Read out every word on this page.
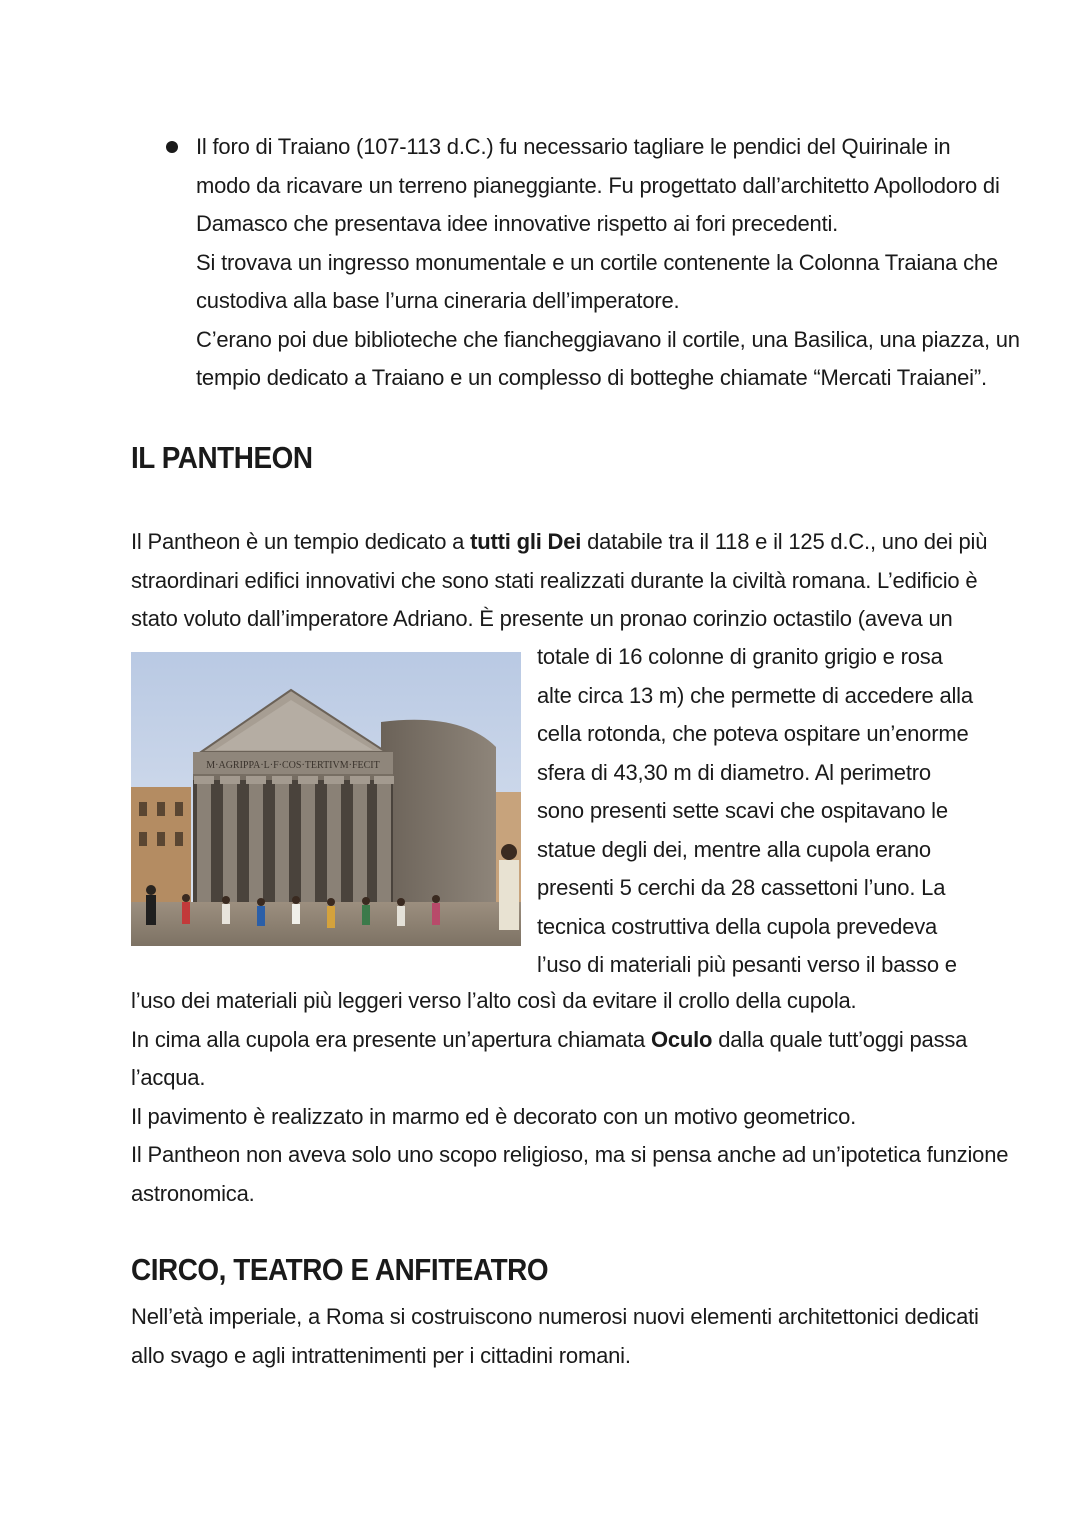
Il foro di Traiano (107-113 d.C.) fu necessario tagliare le pendici del Quirinale in
modo da ricavare un terreno pianeggiante. Fu progettato dall’architetto Apollodoro di
Damasco che presentava idee innovative rispetto ai fori precedenti.
Si trovava un ingresso monumentale e un cortile contenente la Colonna Traiana che
custodiva alla base l’urna cineraria dell’imperatore.
C’erano poi due biblioteche che fiancheggiavano il cortile, una Basilica, una piazza, un
tempio dedicato a Traiano e un complesso di botteghe chiamate “Mercati Traianei”.

IL PANTHEON

Il Pantheon è un tempio dedicato a tutti gli Dei databile tra il 118 e il 125 d.C., uno dei più
straordinari edifici innovativi che sono stati realizzati durante la civiltà romana. L’edificio è
stato voluto dall’imperatore Adriano. È presente un pronao corinzio octastilo (aveva un

M·AGRIPPA·L·F·COS·TERTIVM·FECIT

totale di 16 colonne di granito grigio e rosa
alte circa 13 m) che permette di accedere alla
cella rotonda, che poteva ospitare un’enorme
sfera di 43,30 m di diametro. Al perimetro
sono presenti sette scavi che ospitavano le
statue degli dei, mentre alla cupola erano
presenti 5 cerchi da 28 cassettoni l’uno. La
tecnica costruttiva della cupola prevedeva
l’uso di materiali più pesanti verso il basso e

l’uso dei materiali più leggeri verso l’alto così da evitare il crollo della cupola.
In cima alla cupola era presente un’apertura chiamata Oculo dalla quale tutt’oggi passa
l’acqua.
Il pavimento è realizzato in marmo ed è decorato con un motivo geometrico.
Il Pantheon non aveva solo uno scopo religioso, ma si pensa anche ad un’ipotetica funzione
astronomica.

CIRCO, TEATRO E ANFITEATRO

Nell’età imperiale, a Roma si costruiscono numerosi nuovi elementi architettonici dedicati
allo svago e agli intrattenimenti per i cittadini romani.
